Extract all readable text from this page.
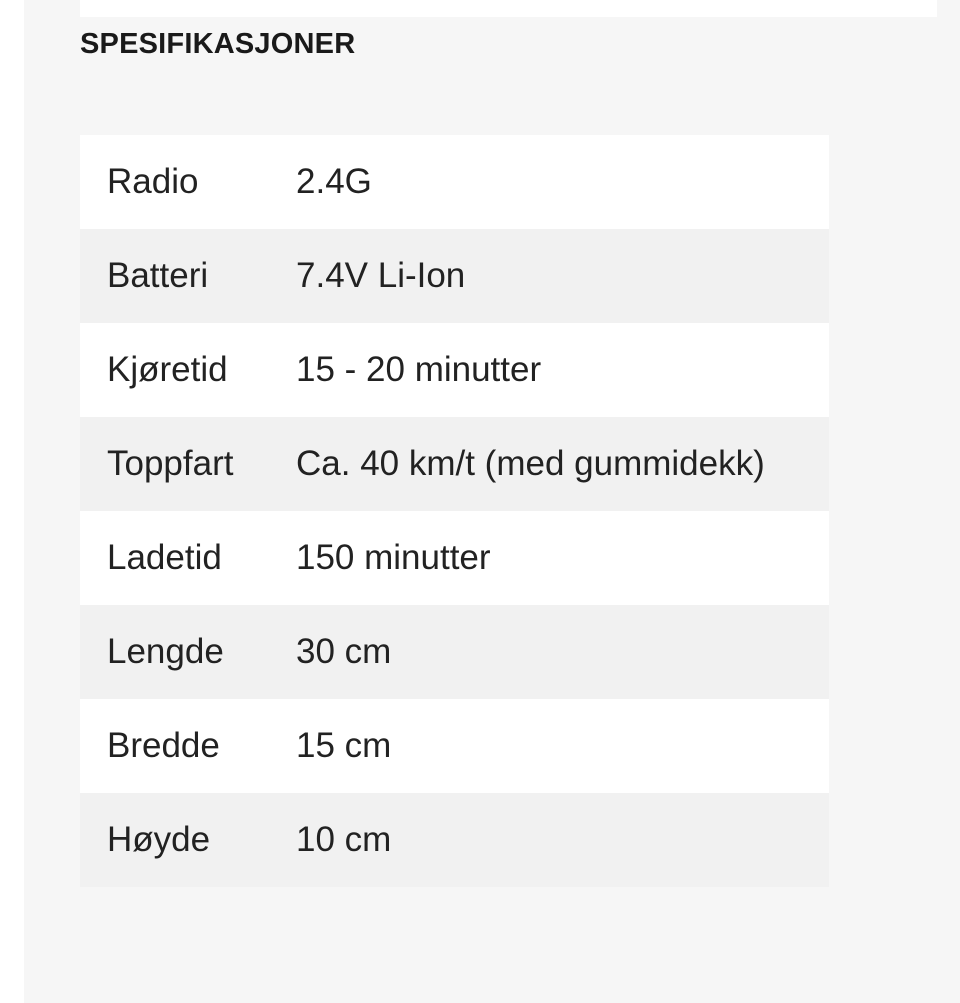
SPESIFIKASJONER
Radio	2.4G
Batteri	7.4V Li-Ion
Kjøretid	15 - 20 minutter
Toppfart	Ca. 40 km/t (med gummidekk)
Ladetid	150 minutter
Lengde	30 cm
Bredde	15 cm
Høyde	10 cm
